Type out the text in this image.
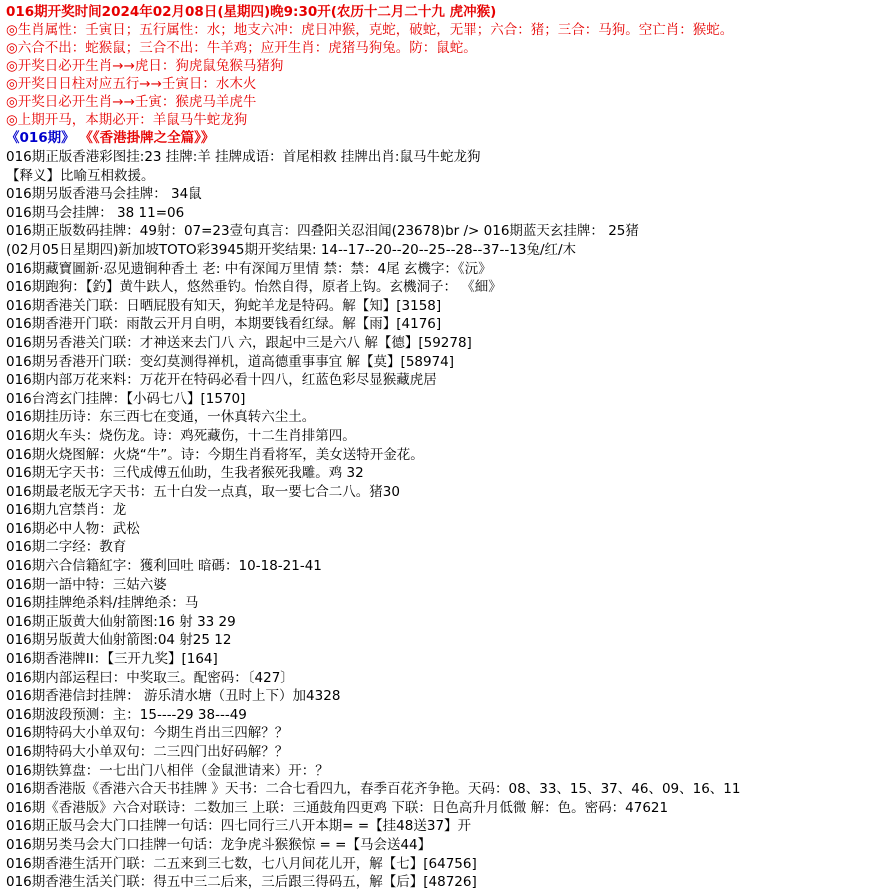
016期开奖时间2024年02月08日(星期四)晚9:30开(农历十二月二十九 虎冲猴)
◎生肖属性：壬寅日；五行属性：水；地支六冲：虎日冲猴，克蛇，破蛇，无罪；六合：猪；三合：马狗。空亡肖：猴蛇。
◎六合不出：蛇猴鼠；三合不出：牛羊鸡；应开生肖：虎猪马狗兔。防：鼠蛇。
◎开奖日必开生肖→→虎日：狗虎鼠兔猴马猪狗
◎开奖日日柱对应五行→→壬寅日：水木火
◎开奖日必开生肖→→壬寅：猴虎马羊虎牛
◎上期开马，本期必开：羊鼠马牛蛇龙狗
《016期》 《《香港掛牌之全篇》》
016期正版香港彩图挂:23 挂牌:羊 挂牌成语：首尾相救 挂牌出肖:鼠马牛蛇龙狗
【释义】比喻互相救援。
016期另版香港马会挂牌： 34鼠
016期马会挂牌： 38 11=06
016期正版数码挂牌：49射：07=23壹句真言：四叠阳关忍泪闻(23678)br /> 016期蓝天玄挂牌： 25猪
(02月05日星期四)新加坡TOTO彩3945期开奖结果: 14--17--20--20--25--28--37--13兔/红/木
016期藏寶圖新·忍见遗锏种香土 老: 中有深闻万里情 禁：禁：4尾 玄機字：《沅》
016期跑狗：【釣】黄牛趺人，悠然垂钓。怡然自得，原者上钩。玄機洞子： 《細》
016期香港关门联：日晒屁股有知天，狗蛇羊龙是特码。解【知】[3158]
016期香港开门联：雨散云开月自明，本期要钱看红绿。解【雨】[4176]
016期另香港关门联：才神送来去门八 六，跟起中三是六八 解【德】[59278]
016期另香港开门联：变幻莫测得禅机，道高德重事事宜 解【莫】[58974]
016期内部万花来料：万花开在特码必看十四八，红蓝色彩尽显猴藏虎居
016台湾玄门挂牌：【小码七八】[1570]
016期挂历诗：东三西七在变通，一休真转六尘土。
016期火车头：烧伤龙。诗：鸡死藏伤，十二生肖排第四。
016期火烧图解：火烧“牛”。诗：今期生肖看将军，美女送特开金花。
016期无字天书：三代成傅五仙助，生我者猴死我雕。鸡 32
016期最老版无字天书：五十白发一点真，取一要七合二八。猪30
016期九宫禁肖：龙
016期必中人物：武松
016期二字经：教育
016期六合信籍紅字：獲利回吐 暗碼：10-18-21-41
016期一語中特：三姑六婆
016期挂牌绝杀料/挂牌绝杀：马
016期正版黄大仙射箭图:16 射 33 29
016期另版黄大仙射箭图:04 射25 12
016期香港牌II：【三开九奖】[164]
016期内部运程曰：中奖取三。配密码：〔427〕
016期香港信封挂牌： 游乐清水塘（丑时上下）加4328
016期波段预测：主：15----29 38---49
016期特码大小单双句：今期生肖出三四解？？
016期特码大小单双句：二三四门出好码解？？
016期铁算盘：一七出门八相伴（金鼠泄请来）开：？
016期香港版《香港六合天书挂牌 》天书：二合七看四九，春季百花齐争艳。天码：08、33、15、37、46、09、16、11
016期《香港版》六合对联诗：二数加三 上联：三通鼓角四更鸡 下联：日色高升月低微 解：色。密码：47621
016期正版马会大门口挂牌一句话：四七同行三八开本期= =【挂48送37】开
016期另类马会大门口挂牌一句话：龙争虎斗猴猴惊 = =【马会送44】
016期香港生活开门联：二五来到三七数，七八月间花儿开，解【七】[64756]
016期香港生活关门联：得五中三二后来，三后跟三得码五，解【后】[48726]
